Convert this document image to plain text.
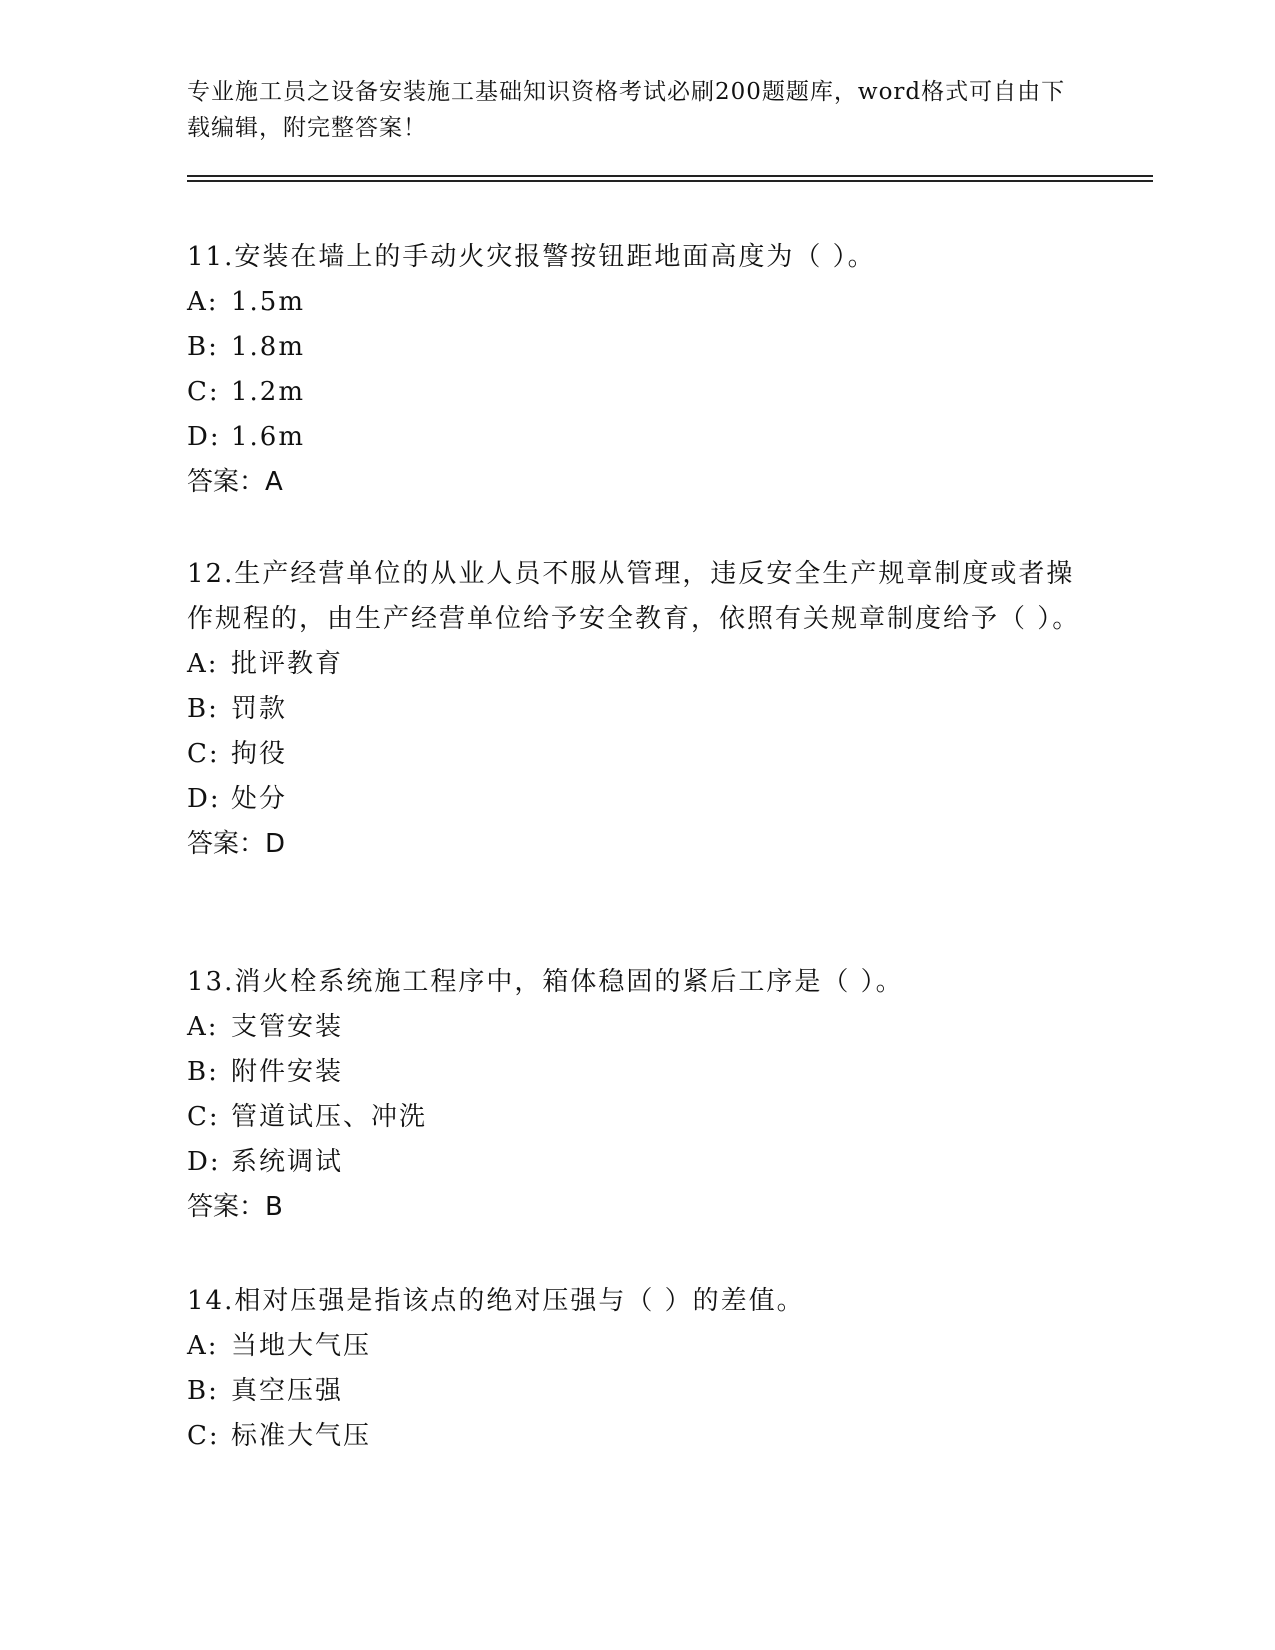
专业施工员之设备安装施工基础知识资格考试必刷200题题库，word格式可自由下载编辑，附完整答案！
11.安装在墙上的手动火灾报警按钮距地面高度为（ ）。
A: 1.5m
B: 1.8m
C: 1.2m
D: 1.6m
答案：A
12.生产经营单位的从业人员不服从管理，违反安全生产规章制度或者操作规程的，由生产经营单位给予安全教育，依照有关规章制度给予（ ）。
A: 批评教育
B: 罚款
C: 拘役
D: 处分
答案：D
13.消火栓系统施工程序中，箱体稳固的紧后工序是（ ）。
A: 支管安装
B: 附件安装
C: 管道试压、冲洗
D: 系统调试
答案：B
14.相对压强是指该点的绝对压强与（ ）的差值。
A: 当地大气压
B: 真空压强
C: 标准大气压
